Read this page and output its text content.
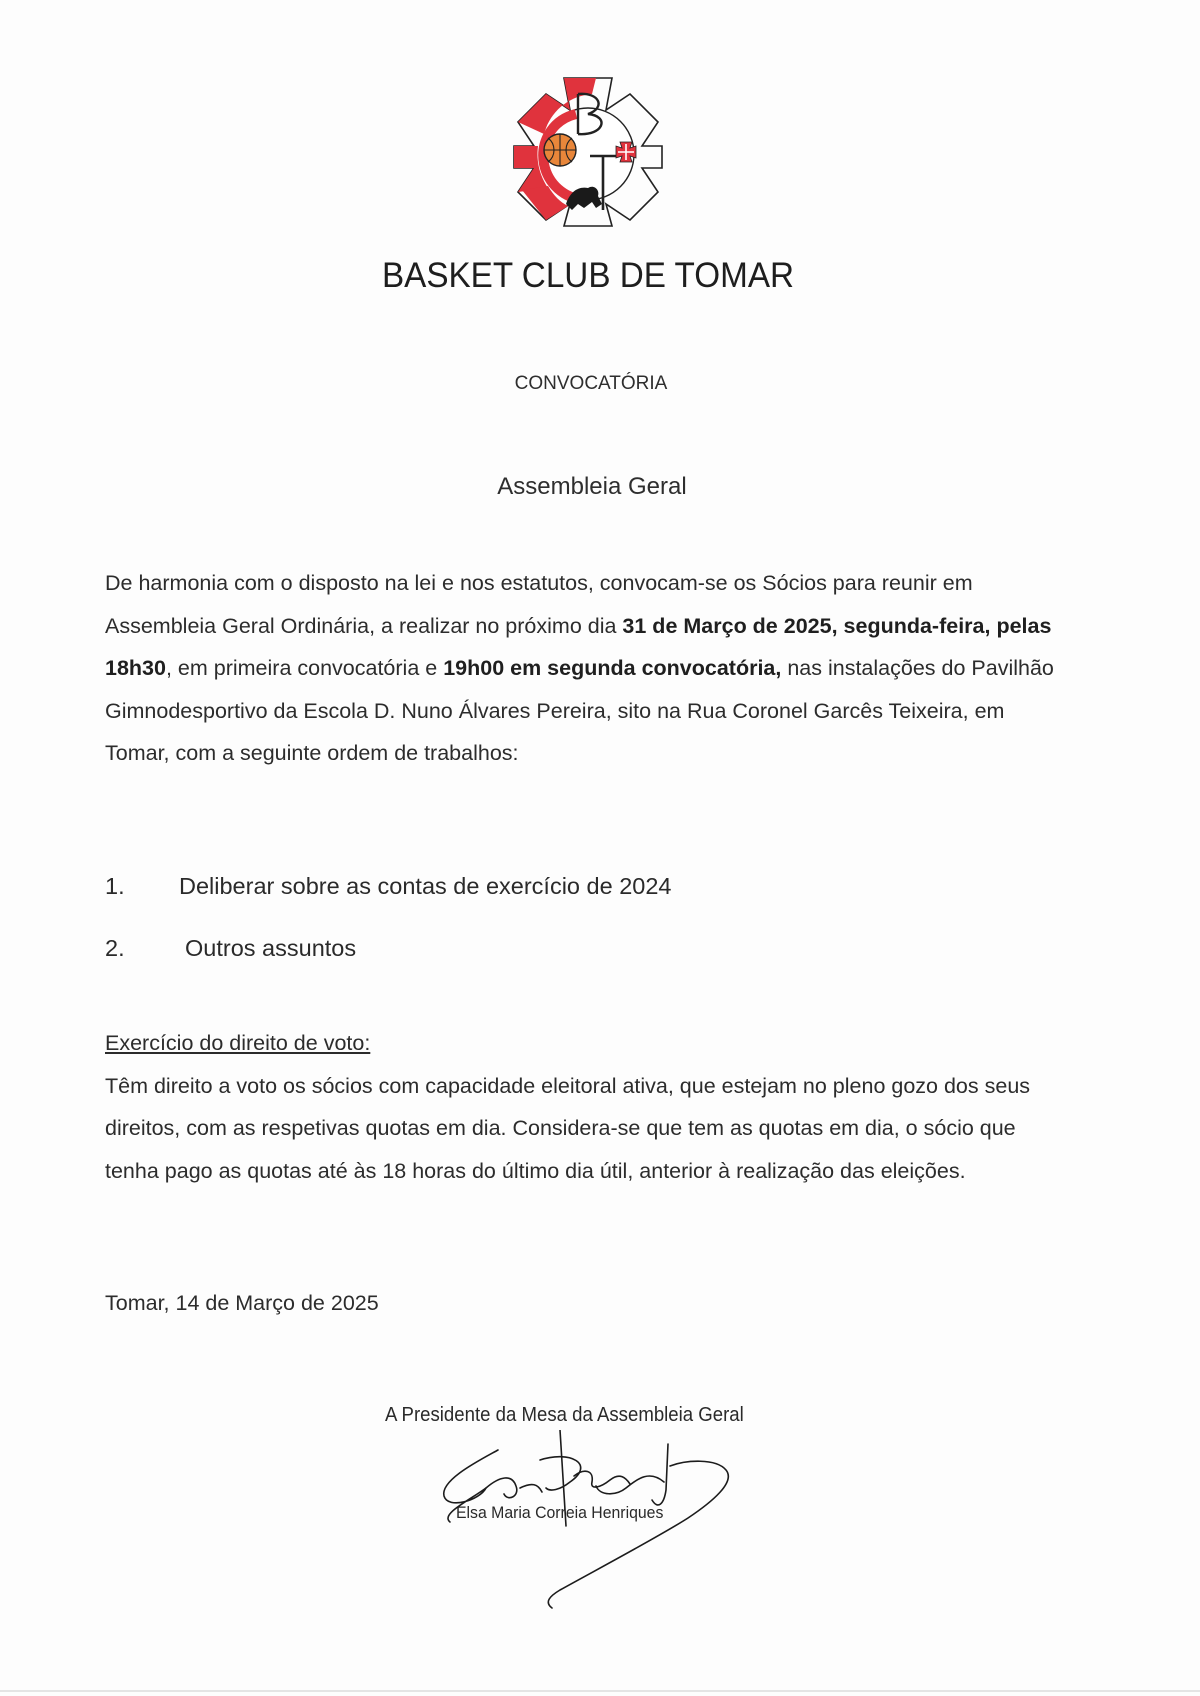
BASKET CLUB DE TOMAR
CONVOCATÓRIA
Assembleia Geral

De harmonia com o disposto na lei e nos estatutos, convocam-se os Sócios para reunir em Assembleia Geral Ordinária, a realizar no próximo dia 31 de Março de 2025, segunda-feira, pelas 18h30, em primeira convocatória e 19h00 em segunda convocatória, nas instalações do Pavilhão Gimnodesportivo da Escola D. Nuno Álvares Pereira, sito na Rua Coronel Garcês Teixeira, em Tomar, com a seguinte ordem de trabalhos:

1.	Deliberar sobre as contas de exercício de 2024
2.	Outros assuntos

Exercício do direito de voto:

Têm direito a voto os sócios com capacidade eleitoral ativa, que estejam no pleno gozo dos seus direitos, com as respetivas quotas em dia. Considera-se que tem as quotas em dia, o sócio que tenha pago as quotas até às 18 horas do último dia útil, anterior à realização das eleições.

Tomar, 14 de Março de 2025
A Presidente da Mesa da Assembleia Geral
Elsa Maria Correia Henriques
